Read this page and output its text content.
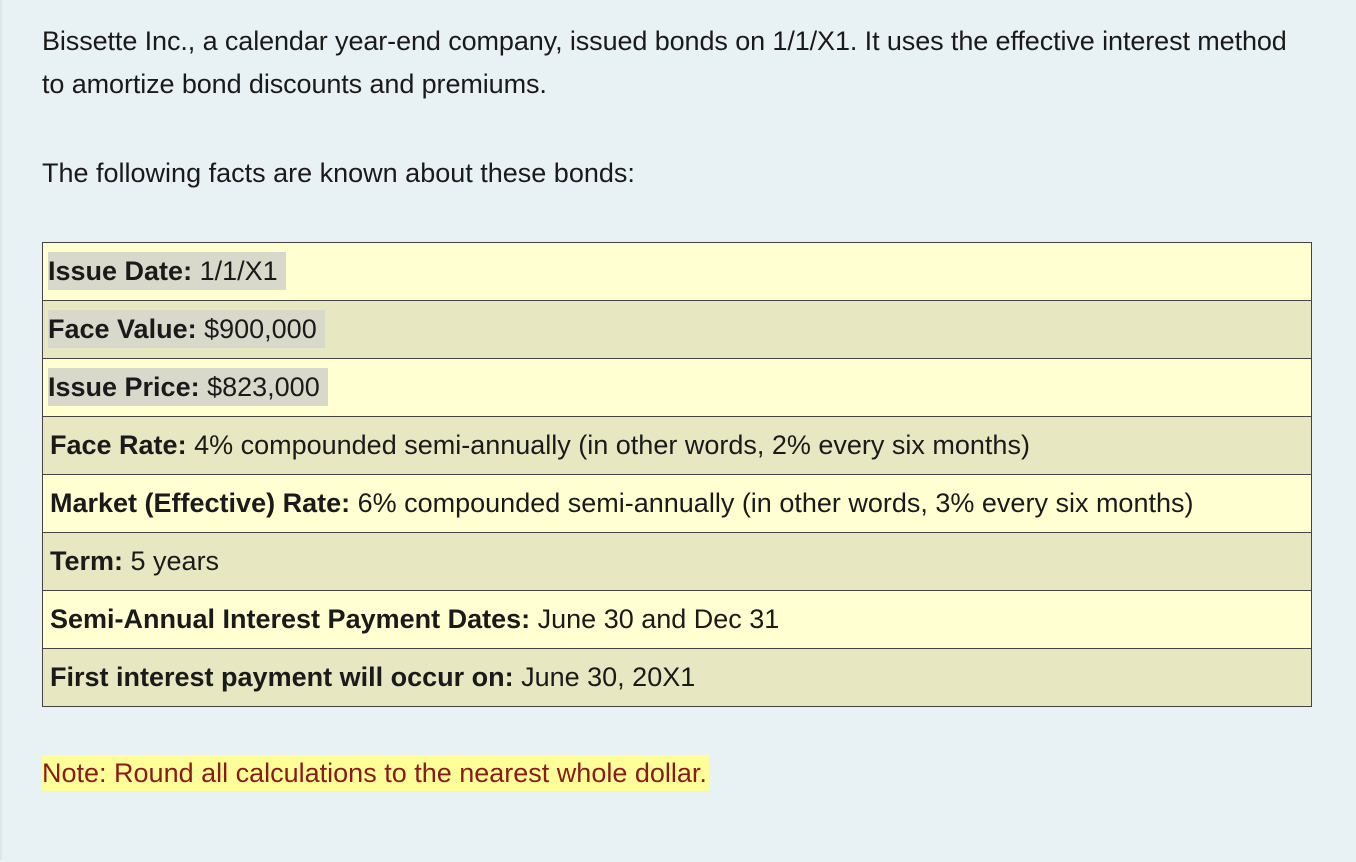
Bissette Inc., a calendar year-end company, issued bonds on 1/1/X1. It uses the effective interest method to amortize bond discounts and premiums.

The following facts are known about these bonds:

Issue Date: 1/1/X1
Face Value: $900,000
Issue Price: $823,000
Face Rate: 4% compounded semi-annually (in other words, 2% every six months)
Market (Effective) Rate: 6% compounded semi-annually (in other words, 3% every six months)
Term: 5 years
Semi-Annual Interest Payment Dates: June 30 and Dec 31
First interest payment will occur on: June 30, 20X1
Note: Round all calculations to the nearest whole dollar.
